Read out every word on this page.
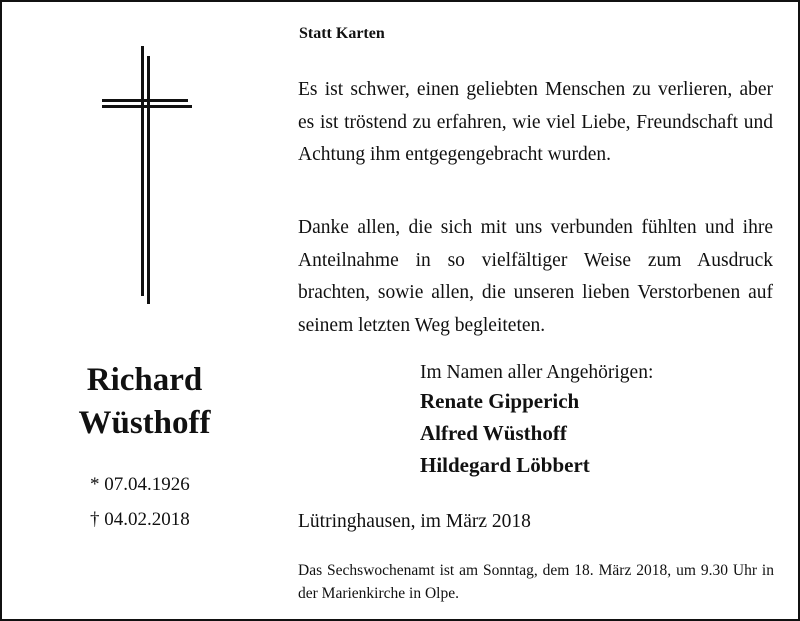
Richard
Wüsthoff
* 07.04.1926
† 04.02.2018
Statt Karten
Es ist schwer, einen geliebten Menschen zu verlieren, aber es ist tröstend zu erfahren, wie viel Liebe, Freundschaft und Achtung ihm entgegengebracht wurden.
Danke allen, die sich mit uns verbunden fühlten und ihre Anteilnahme in so vielfältiger Weise zum Ausdruck brachten, sowie allen, die unseren lieben Verstorbenen auf seinem letzten Weg begleiteten.
Im Namen aller Angehörigen:
Renate Gipperich
Alfred Wüsthoff
Hildegard Löbbert
Lütringhausen, im März 2018
Das Sechswochenamt ist am Sonntag, dem 18. März 2018, um 9.30 Uhr in der Marienkirche in Olpe.
